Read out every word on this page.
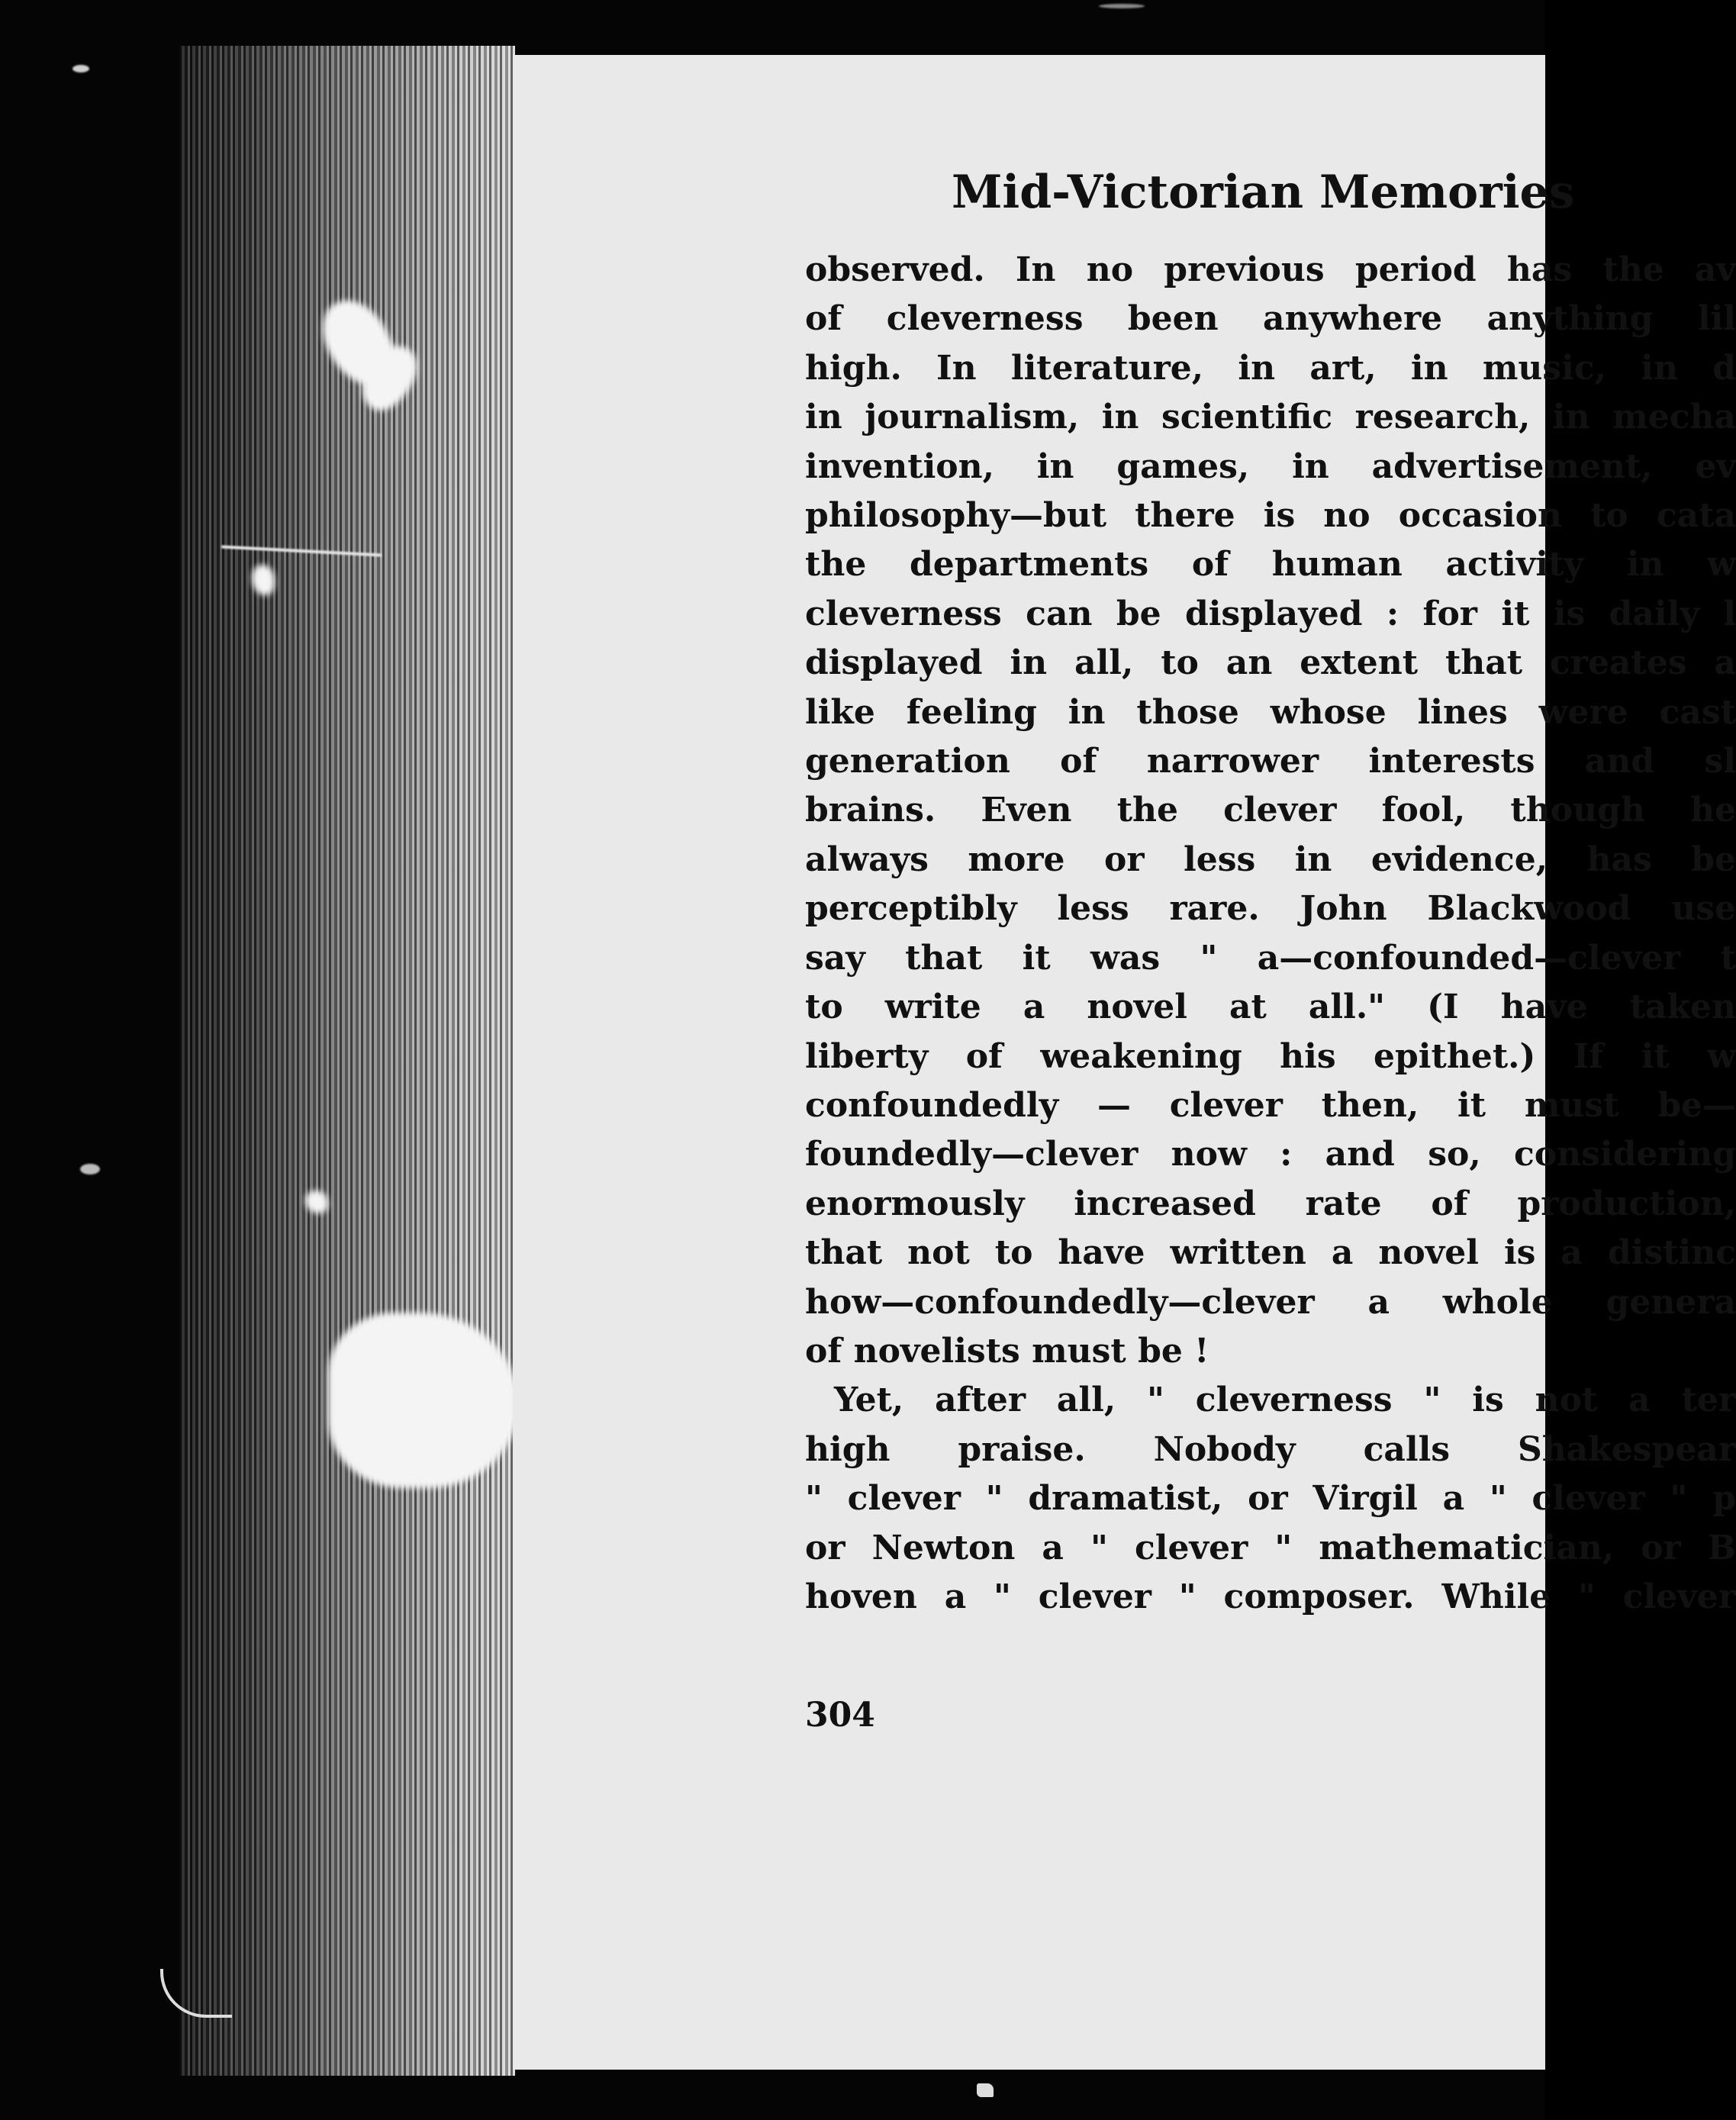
Mid-Victorian Memories
observed. In no previous period has the av
of cleverness been anywhere anything lil
high. In literature, in art, in music, in d
in journalism, in scientific research, in mecha
invention, in games, in advertisement, ev
philosophy—but there is no occasion to cata
the departments of human activity in w
cleverness can be displayed : for it is daily l
displayed in all, to an extent that creates a
like feeling in those whose lines were cast
generation of narrower interests and sl
brains. Even the clever fool, though he
always more or less in evidence, has be
perceptibly less rare. John Blackwood use
say that it was " a—confounded—clever t
to write a novel at all." (I have taken
liberty of weakening his epithet.) If it w
confoundedly — clever then, it must be—
foundedly—clever now : and so, considering
enormously increased rate of production,
that not to have written a novel is a distinc
how—confoundedly—clever a whole genera
of novelists must be !
Yet, after all, " cleverness " is not a ter
high praise. Nobody calls Shakespear
" clever " dramatist, or Virgil a " clever " p
or Newton a " clever " mathematician, or B
hoven a " clever " composer. While " clever
304
